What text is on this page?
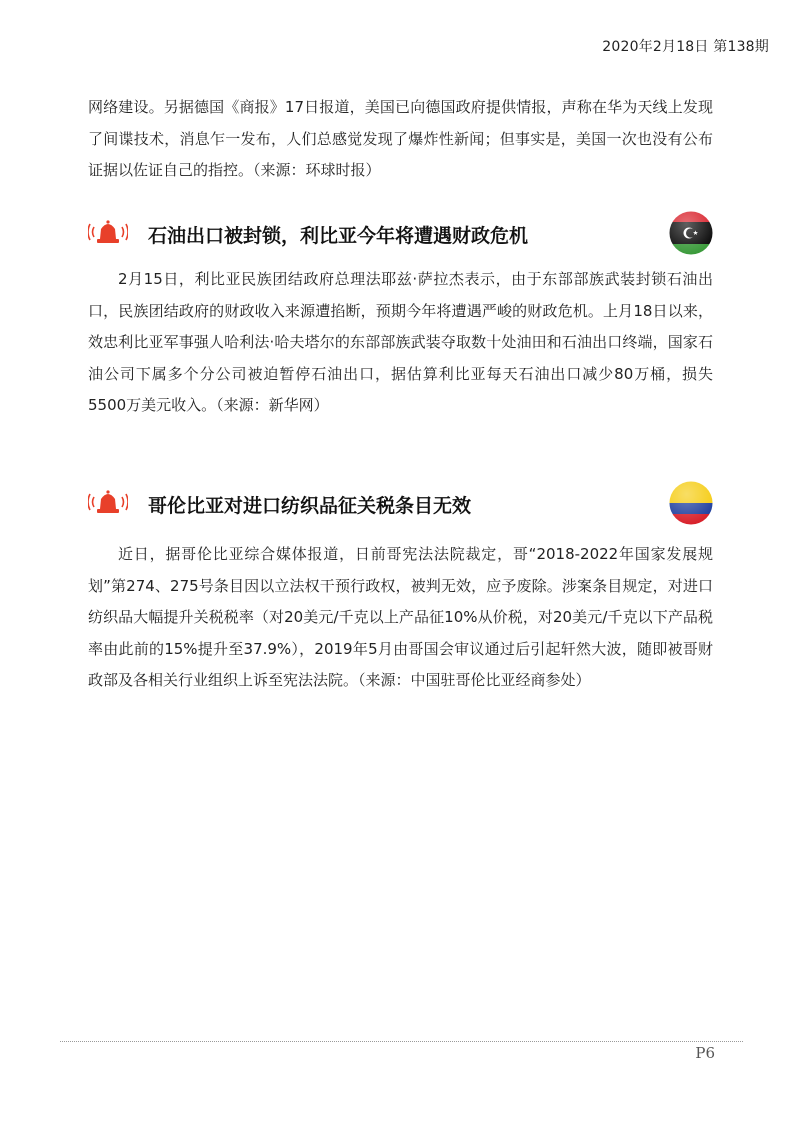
2020年2月18日 第138期

网络建设。另据德国《商报》17日报道，美国已向德国政府提供情报，声称在华为天线上发现了间谍技术，消息乍一发布，人们总感觉发现了爆炸性新闻；但事实是，美国一次也没有公布证据以佐证自己的指控。（来源：环球时报）

石油出口被封锁，利比亚今年将遭遇财政危机

2月15日，利比亚民族团结政府总理法耶兹·萨拉杰表示，由于东部部族武装封锁石油出口，民族团结政府的财政收入来源遭掐断，预期今年将遭遇严峻的财政危机。上月18日以来，效忠利比亚军事强人哈利法·哈夫塔尔的东部部族武装夺取数十处油田和石油出口终端，国家石油公司下属多个分公司被迫暂停石油出口，据估算利比亚每天石油出口减少80万桶，损失5500万美元收入。（来源：新华网）

哥伦比亚对进口纺织品征关税条目无效

近日，据哥伦比亚综合媒体报道，日前哥宪法法院裁定，哥“2018-2022年国家发展规划”第274、275号条目因以立法权干预行政权，被判无效，应予废除。涉案条目规定，对进口纺织品大幅提升关税税率（对20美元/千克以上产品征10%从价税，对20美元/千克以下产品税率由此前的15%提升至37.9%），2019年5月由哥国会审议通过后引起轩然大波，随即被哥财政部及各相关行业组织上诉至宪法法院。（来源：中国驻哥伦比亚经商参处）

P6
